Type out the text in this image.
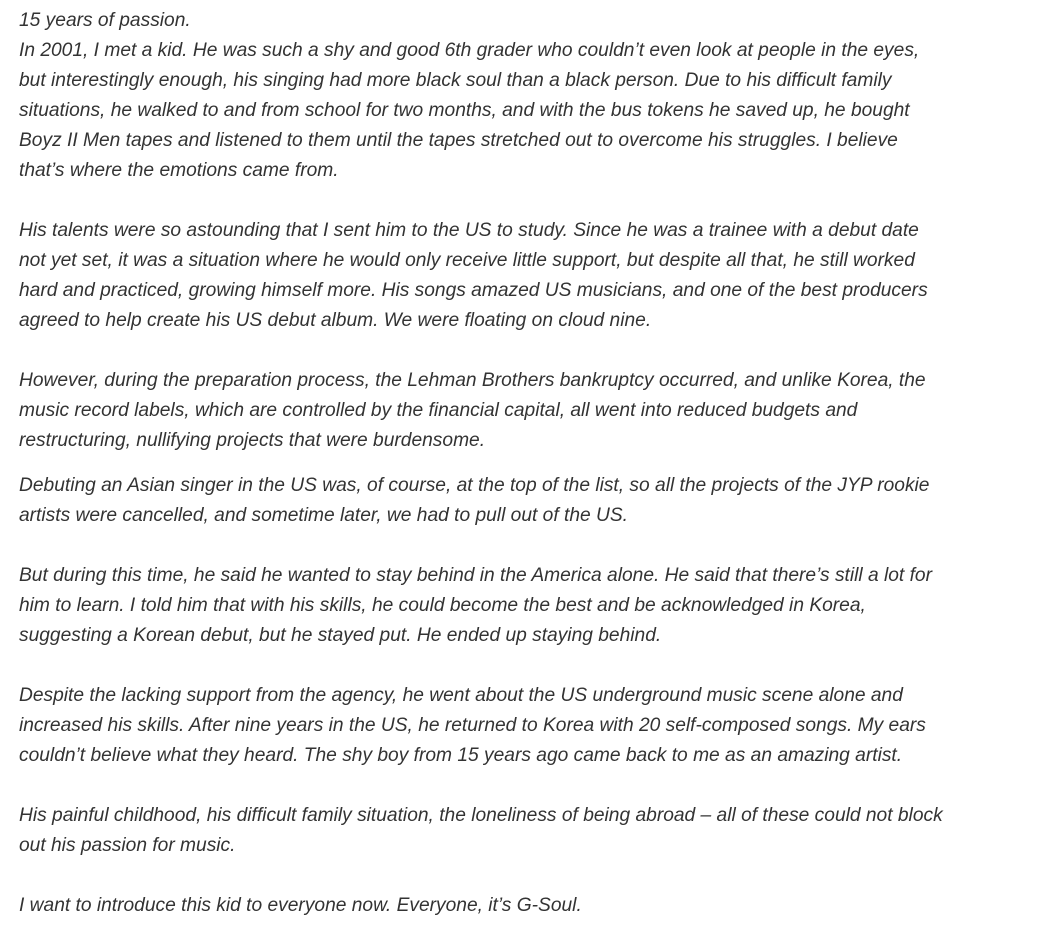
15 years of passion.

In 2001, I met a kid. He was such a shy and good 6th grader who couldn’t even look at people in the eyes,
but interestingly enough, his singing had more black soul than a black person. Due to his difficult family
situations, he walked to and from school for two months, and with the bus tokens he saved up, he bought
Boyz II Men tapes and listened to them until the tapes stretched out to overcome his struggles. I believe
that’s where the emotions came from.

His talents were so astounding that I sent him to the US to study. Since he was a trainee with a debut date
not yet set, it was a situation where he would only receive little support, but despite all that, he still worked
hard and practiced, growing himself more. His songs amazed US musicians, and one of the best producers
agreed to help create his US debut album. We were floating on cloud nine.

However, during the preparation process, the Lehman Brothers bankruptcy occurred, and unlike Korea, the
music record labels, which are controlled by the financial capital, all went into reduced budgets and
restructuring, nullifying projects that were burdensome.

Debuting an Asian singer in the US was, of course, at the top of the list, so all the projects of the JYP rookie
artists were cancelled, and sometime later, we had to pull out of the US.

But during this time, he said he wanted to stay behind in the America alone. He said that there’s still a lot for
him to learn. I told him that with his skills, he could become the best and be acknowledged in Korea,
suggesting a Korean debut, but he stayed put. He ended up staying behind.

Despite the lacking support from the agency, he went about the US underground music scene alone and
increased his skills. After nine years in the US, he returned to Korea with 20 self-composed songs. My ears
couldn’t believe what they heard. The shy boy from 15 years ago came back to me as an amazing artist.

His painful childhood, his difficult family situation, the loneliness of being abroad – all of these could not block
out his passion for music.

I want to introduce this kid to everyone now. Everyone, it’s G-Soul.
